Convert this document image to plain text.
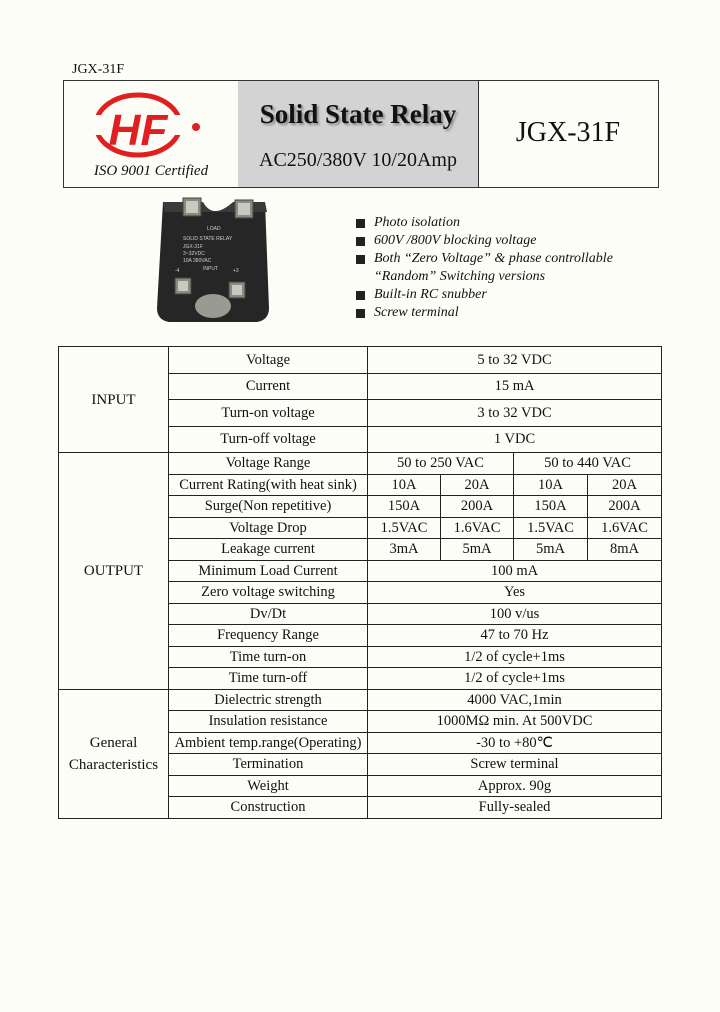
JGX-31F
HF
ISO 9001 Certified
Solid State Relay
AC250/380V 10/20Amp
JGX-31F
LOAD
SOLID STATE RELAY
JGX-31F
3~32VDC
10A 380VAC
INPUT
-4	+3
Photo isolation
600V /800V blocking voltage
Both “Zero Voltage” & phase controllable
“Random” Switching versions
Built-in RC snubber
Screw terminal
INPUT	Voltage	5 to 32 VDC			
	Current	15 mA			
	Turn-on voltage	3 to 32 VDC			
	Turn-off voltage	1 VDC			
OUTPUT	Voltage Range	50 to 250 VAC		50 to 440 VAC	
	Current Rating(with heat sink)	10A	20A	10A	20A
	Surge(Non repetitive)	150A	200A	150A	200A
	Voltage Drop	1.5VAC	1.6VAC	1.5VAC	1.6VAC
	Leakage current	3mA	5mA	5mA	8mA
	Minimum Load Current	100 mA			
	Zero voltage switching	Yes			
	Dv/Dt	100 v/us			
	Frequency Range	47 to 70 Hz			
	Time turn-on	1/2 of cycle+1ms			
	Time turn-off	1/2 of cycle+1ms			
General
Characteristics	Dielectric strength	4000 VAC,1min			
	Insulation resistance	1000MΩ min. At 500VDC			
	Ambient temp.range(Operating)	-30 to +80℃			
	Termination	Screw terminal			
	Weight	Approx. 90g			
	Construction	Fully-sealed			
